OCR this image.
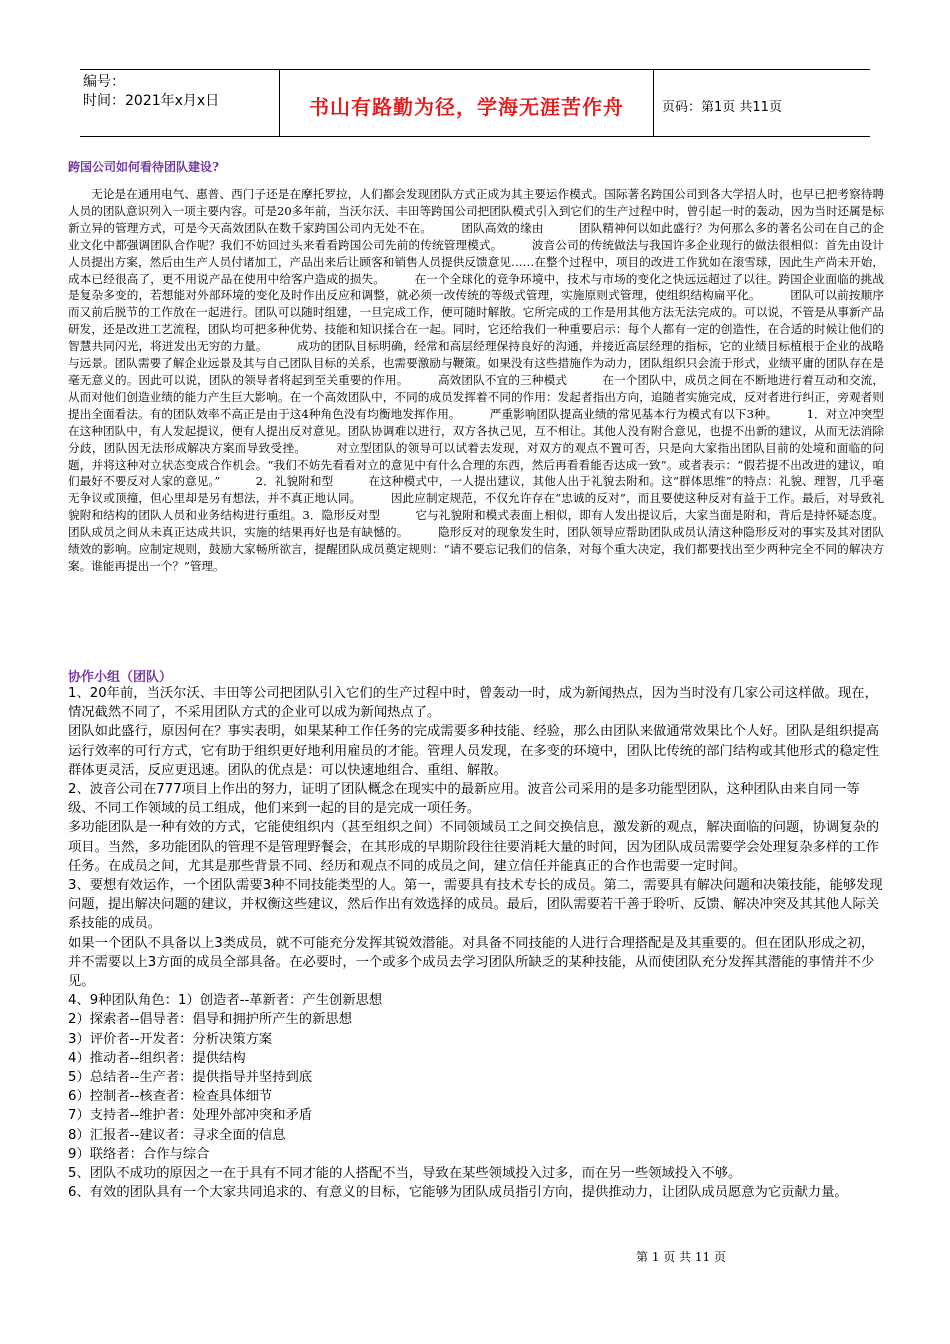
编号：
时间：2021年x月x日	书山有路勤为径，学海无涯苦作舟	页码：第1页 共11页
跨国公司如何看待团队建设?

无论是在通用电气、惠普、西门子还是在摩托罗拉，人们都会发现团队方式正成为其主要运作模式。国际著名跨国公司到各大学招人时，也早已把考察待聘人员的团队意识列入一项主要内容。可是20多年前，当沃尔沃、丰田等跨国公司把团队模式引入到它们的生产过程中时，曾引起一时的轰动，因为当时还属是标新立异的管理方式，可是今天高效团队在数千家跨国公司内无处不在。　　　团队高效的缘由　　　团队精神何以如此盛行？为何那么多的著名公司在自己的企业文化中都强调团队合作呢？我们不妨回过头来看看跨国公司先前的传统管理模式。　　　波音公司的传统做法与我国许多企业现行的做法很相似：首先由设计人员提出方案，然后由生产人员付诸加工，产品出来后让顾客和销售人员提供反馈意见……在整个过程中，项目的改进工作犹如在滚雪球，因此生产尚未开始，成本已经很高了，更不用说产品在使用中给客户造成的损失。　　　在一个全球化的竞争环境中，技术与市场的变化之快远远超过了以往。跨国企业面临的挑战是复杂多变的，若想能对外部环境的变化及时作出反应和调整，就必须一改传统的等级式管理，实施原则式管理，使组织结构扁平化。　　　团队可以前按顺序而又前后脱节的工作放在一起进行。团队可以随时组建，一旦完成工作，便可随时解散。它所完成的工作是用其他方法无法完成的。可以说，不管是从事新产品研发，还是改进工艺流程，团队均可把多种优势、技能和知识揉合在一起。同时，它还给我们一种重要启示：每个人都有一定的创造性，在合适的时候让他们的智慧共同闪光，将迸发出无穷的力量。　　　成功的团队目标明确，经常和高层经理保持良好的沟通，并接近高层经理的指标，它的业绩目标植根于企业的战略与远景。团队需要了解企业远景及其与自己团队目标的关系，也需要激励与鞭策。如果没有这些措施作为动力，团队组织只会流于形式，业绩平庸的团队存在是毫无意义的。因此可以说，团队的领导者将起到至关重要的作用。　　　高效团队不宜的三种模式　　　在一个团队中，成员之间在不断地进行着互动和交流，从而对他们创造业绩的能力产生巨大影响。在一个高效团队中，不同的成员发挥着不同的作用：发起者指出方向，追随者实施完成，反对者进行纠正，旁观者则提出全面看法。有的团队效率不高正是由于这4种角色没有均衡地发挥作用。　　　严重影响团队提高业绩的常见基本行为模式有以下3种。　　　1．对立冲突型　　　在这种团队中，有人发起提议，便有人提出反对意见。团队协调难以进行，双方各执己见，互不相让。其他人没有附合意见，也提不出新的建议，从而无法消除分歧，团队因无法形成解决方案而导致受挫。　　　对立型团队的领导可以试着去发现，对双方的观点不置可否，只是向大家指出团队目前的处境和面临的问题，并将这种对立状态变成合作机会。“我们不妨先看看对立的意见中有什么合理的东西，然后再看看能否达成一致”。或者表示：“假若提不出改进的建议，咱们最好不要反对人家的意见。”　　　2．礼貌附和型　　　在这种模式中，一人提出建议，其他人出于礼貌去附和。这“群体思维”的特点：礼貌、理智，几乎毫无争议或顶撞，但心里却是另有想法，并不真正地认同。　　　因此应制定规范，不仅允许存在“忠诚的反对”，而且要使这种反对有益于工作。最后，对导致礼貌附和结构的团队人员和业务结构进行重组。3．隐形反对型　　　它与礼貌附和模式表面上相似，即有人发出提议后，大家当面是附和，背后是持怀疑态度。团队成员之间从未真正达成共识，实施的结果再好也是有缺憾的。　　　隐形反对的现象发生时，团队领导应帮助团队成员认清这种隐形反对的事实及其对团队绩效的影响。应制定规则，鼓励大家畅所欲言，提醒团队成员奠定规则：“请不要忘记我们的信条，对每个重大决定，我们都要找出至少两种完全不同的解决方案。谁能再提出一个？”管理。

协作小组（团队）

1、20年前，当沃尔沃、丰田等公司把团队引入它们的生产过程中时，曾轰动一时，成为新闻热点，因为当时没有几家公司这样做。现在，情况截然不同了，不采用团队方式的企业可以成为新闻热点了。

团队如此盛行，原因何在？事实表明，如果某种工作任务的完成需要多种技能、经验，那么由团队来做通常效果比个人好。团队是组织提高运行效率的可行方式，它有助于组织更好地利用雇员的才能。管理人员发现，在多变的环境中，团队比传统的部门结构或其他形式的稳定性群体更灵活，反应更迅速。团队的优点是：可以快速地组合、重组、解散。

2、波音公司在777项目上作出的努力，证明了团队概念在现实中的最新应用。波音公司采用的是多功能型团队，这种团队由来自同一等级、不同工作领域的员工组成，他们来到一起的目的是完成一项任务。

多功能团队是一种有效的方式，它能使组织内（甚至组织之间）不同领域员工之间交换信息，激发新的观点，解决面临的问题，协调复杂的项目。当然，多功能团队的管理不是管理野餐会，在其形成的早期阶段往往要消耗大量的时间，因为团队成员需要学会处理复杂多样的工作任务。在成员之间，尤其是那些背景不同、经历和观点不同的成员之间，建立信任并能真正的合作也需要一定时间。

3、要想有效运作，一个团队需要3种不同技能类型的人。第一，需要具有技术专长的成员。第二，需要具有解决问题和决策技能，能够发现问题，提出解决问题的建议，并权衡这些建议，然后作出有效选择的成员。最后，团队需要若干善于聆听、反馈、解决冲突及其其他人际关系技能的成员。

如果一个团队不具备以上3类成员，就不可能充分发挥其锐效潜能。对具备不同技能的人进行合理搭配是及其重要的。但在团队形成之初，并不需要以上3方面的成员全部具备。在必要时，一个或多个成员去学习团队所缺乏的某种技能，从而使团队充分发挥其潜能的事情并不少见。

4、9种团队角色：1）创造者--革新者：产生创新思想

2）探索者--倡导者：倡导和拥护所产生的新思想

3）评价者--开发者：分析决策方案

4）推动者--组织者：提供结构

5）总结者--生产者：提供指导并坚持到底

6）控制者--核查者：检查具体细节

7）支持者--维护者：处理外部冲突和矛盾

8）汇报者--建议者：寻求全面的信息

9）联络者：合作与综合

5、团队不成功的原因之一在于具有不同才能的人搭配不当，导致在某些领域投入过多，而在另一些领域投入不够。

6、有效的团队具有一个大家共同追求的、有意义的目标，它能够为团队成员指引方向，提供推动力，让团队成员愿意为它贡献力量。

第 1 页 共 11 页
